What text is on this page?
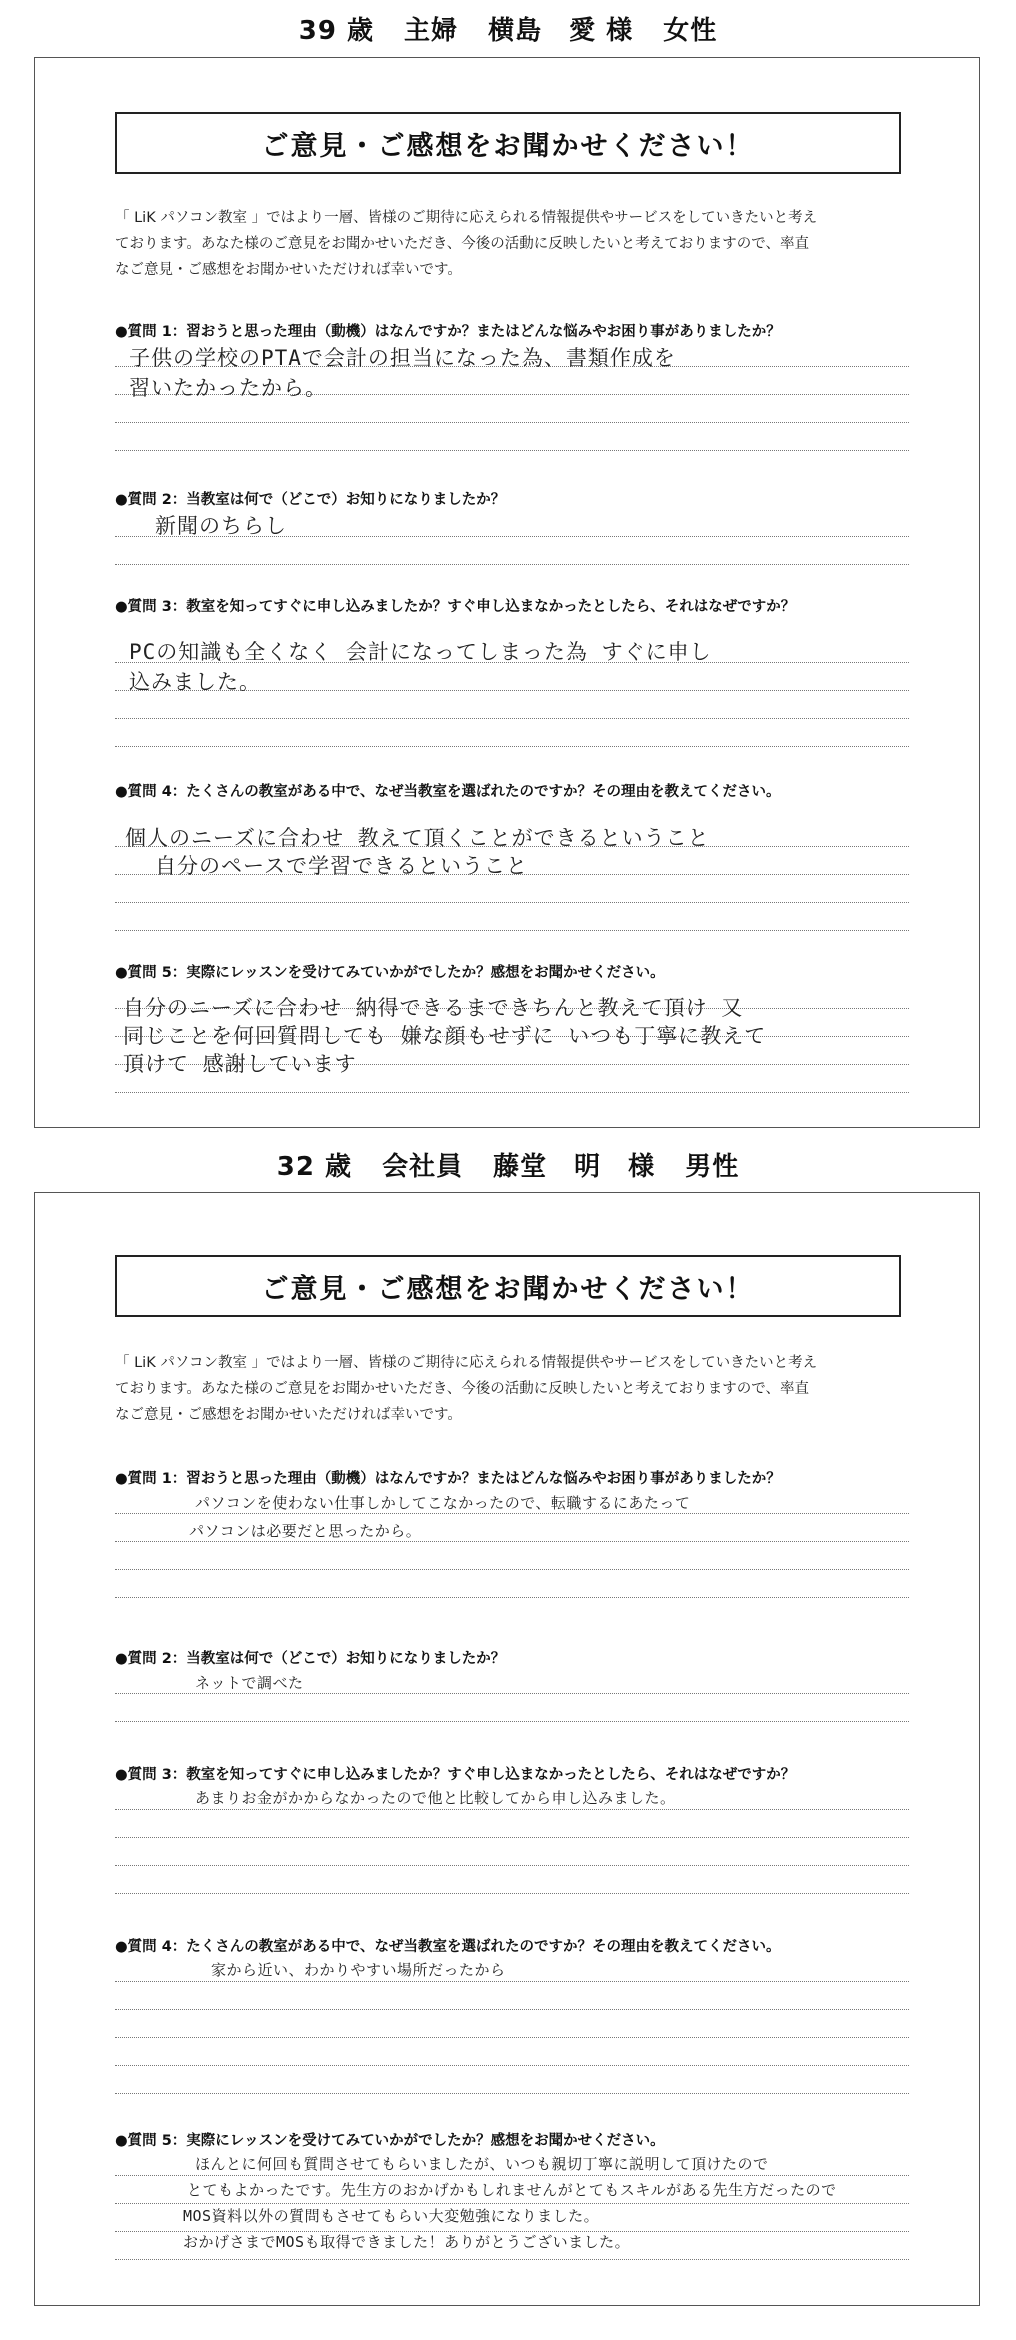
39 歳 主婦 横島　愛 様 女性
ご意見・ご感想をお聞かせください！
「 LiK パソコン教室 」ではより一層、皆様のご期待に応えられる情報提供やサービスをしていきたいと考え
ております。あなた様のご意見をお聞かせいただき、今後の活動に反映したいと考えておりますので、率直
なご意見・ご感想をお聞かせいただければ幸いです。
●質問 1：習おうと思った理由（動機）はなんですか？またはどんな悩みやお困り事がありましたか？
子供の学校のPTAで会計の担当になった為、書類作成を
習いたかったから。
●質問 2：当教室は何で（どこで）お知りになりましたか？
新聞のちらし
●質問 3：教室を知ってすぐに申し込みましたか？すぐ申し込まなかったとしたら、それはなぜですか？
PCの知識も全くなく 会計になってしまった為 すぐに申し
込みました。
●質問 4：たくさんの教室がある中で、なぜ当教室を選ばれたのですか？その理由を教えてください。
個人のニーズに合わせ 教えて頂くことができるということ
自分のペースで学習できるということ
●質問 5：実際にレッスンを受けてみていかがでしたか？感想をお聞かせください。
自分のニーズに合わせ 納得できるまできちんと教えて頂け 又
同じことを何回質問しても 嫌な顔もせずに いつも丁寧に教えて
頂けて 感謝しています
32 歳 会社員 藤堂　明　様 男性
ご意見・ご感想をお聞かせください！
「 LiK パソコン教室 」ではより一層、皆様のご期待に応えられる情報提供やサービスをしていきたいと考え
ております。あなた様のご意見をお聞かせいただき、今後の活動に反映したいと考えておりますので、率直
なご意見・ご感想をお聞かせいただければ幸いです。
●質問 1：習おうと思った理由（動機）はなんですか？またはどんな悩みやお困り事がありましたか？
パソコンを使わない仕事しかしてこなかったので、転職するにあたって
パソコンは必要だと思ったから。
●質問 2：当教室は何で（どこで）お知りになりましたか？
ネットで調べた
●質問 3：教室を知ってすぐに申し込みましたか？すぐ申し込まなかったとしたら、それはなぜですか？
あまりお金がかからなかったので他と比較してから申し込みました。
●質問 4：たくさんの教室がある中で、なぜ当教室を選ばれたのですか？その理由を教えてください。
家から近い、わかりやすい場所だったから
●質問 5：実際にレッスンを受けてみていかがでしたか？感想をお聞かせください。
ほんとに何回も質問させてもらいましたが、いつも親切丁寧に説明して頂けたので
とてもよかったです。先生方のおかげかもしれませんがとてもスキルがある先生方だったので
MOS資料以外の質問もさせてもらい大変勉強になりました。
おかげさまでMOSも取得できました！ありがとうございました。
